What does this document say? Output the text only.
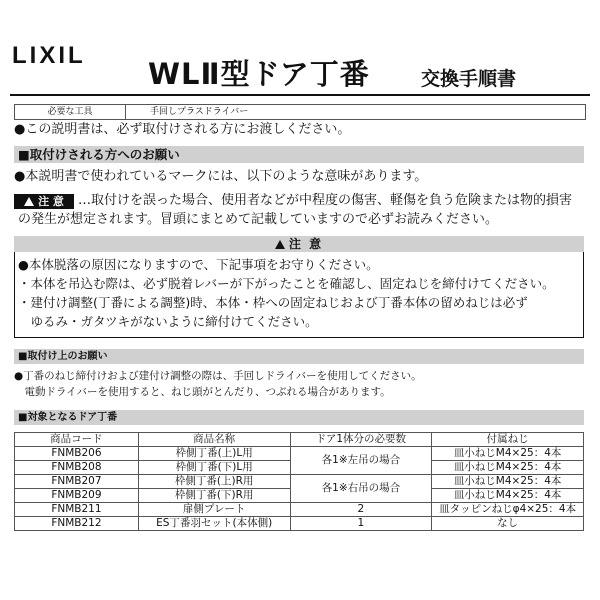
LIXIL
WLⅡ型ドア丁番	交換手順書
必要な工具	手回しプラスドライバー
●この説明書は、必ず取付けされる方にお渡しください。
■取付けされる方へのお願い
●本説明書で使われているマークには、以下のような意味があります。
注 意	…取付けを誤った場合、使用者などが中程度の傷害、軽傷を負う危険または物的損害
の発生が想定されます。冒頭にまとめて記載していますので必ずお読みください。
注 意
●本体脱落の原因になりますので、下記事項をお守りください。
・本体を吊込む際は、必ず脱着レバーが下がったことを確認し、固定ねじを締付けてください。
・建付け調整(丁番による調整)時、本体・枠への固定ねじおよび丁番本体の留めねじは必ず
　ゆるみ・ガタツキがないように締付けてください。
■取付け上のお願い
●丁番のねじ締付けおよび建付け調整の際は、手回しドライバーを使用してください。
　電動ドライバーを使用すると、ねじ頭がとんだり、つぶれる場合があります。
■対象となるドア丁番
商品コード	商品名称	ドア1体分の必要数	付属ねじ
FNMB206	枠側丁番(上)L用	各1※左吊の場合	皿小ねじM4×25：4本
FNMB208	枠側丁番(下)L用		皿小ねじM4×25：4本
FNMB207	枠側丁番(上)R用	各1※右吊の場合	皿小ねじM4×25：4本
FNMB209	枠側丁番(下)R用		皿小ねじM4×25：4本
FNMB211	扉側プレート	2	皿タッピンねじφ4×25：4本
FNMB212	ES丁番羽セット(本体側)	1	なし
